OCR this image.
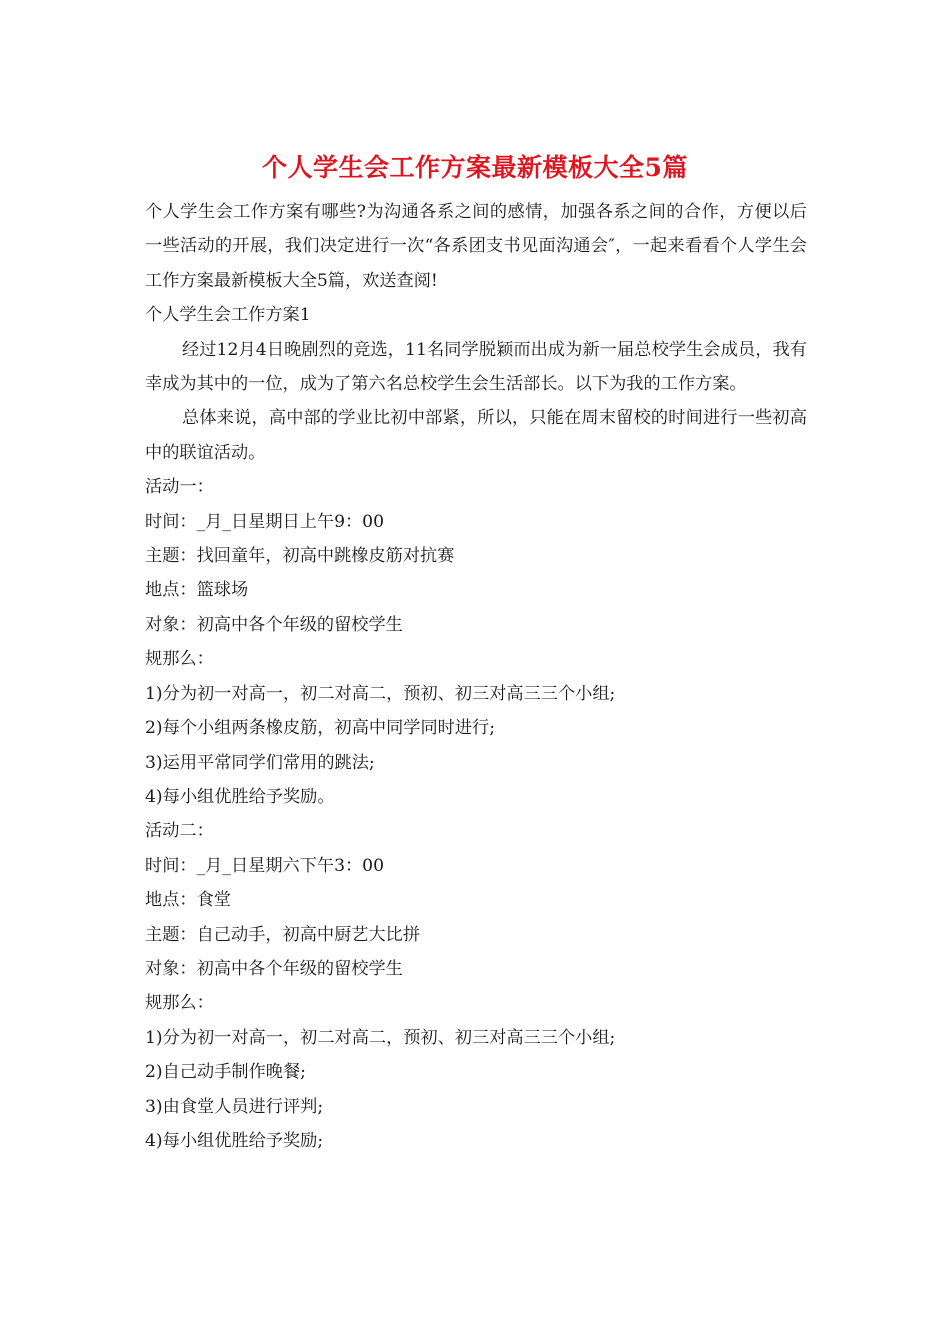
个人学生会工作方案最新模板大全5篇

个人学生会工作方案有哪些?为沟通各系之间的感情，加强各系之间的合作，方便以后一些活动的开展，我们决定进行一次“各系团支书见面沟通会″，一起来看看个人学生会工作方案最新模板大全5篇，欢送查阅!

个人学生会工作方案1

经过12月4日晚剧烈的竞选，11名同学脱颖而出成为新一届总校学生会成员，我有幸成为其中的一位，成为了第六名总校学生会生活部长。以下为我的工作方案。

总体来说，高中部的学业比初中部紧，所以，只能在周末留校的时间进行一些初高中的联谊活动。

活动一：

时间：_月_日星期日上午9：00

主题：找回童年，初高中跳橡皮筋对抗赛

地点：篮球场

对象：初高中各个年级的留校学生

规那么：

1)分为初一对高一，初二对高二，预初、初三对高三三个小组;

2)每个小组两条橡皮筋，初高中同学同时进行;

3)运用平常同学们常用的跳法;

4)每小组优胜给予奖励。

活动二：

时间：_月_日星期六下午3：00

地点：食堂

主题：自己动手，初高中厨艺大比拼

对象：初高中各个年级的留校学生

规那么：

1)分为初一对高一，初二对高二，预初、初三对高三三个小组;

2)自己动手制作晚餐;

3)由食堂人员进行评判;

4)每小组优胜给予奖励;
